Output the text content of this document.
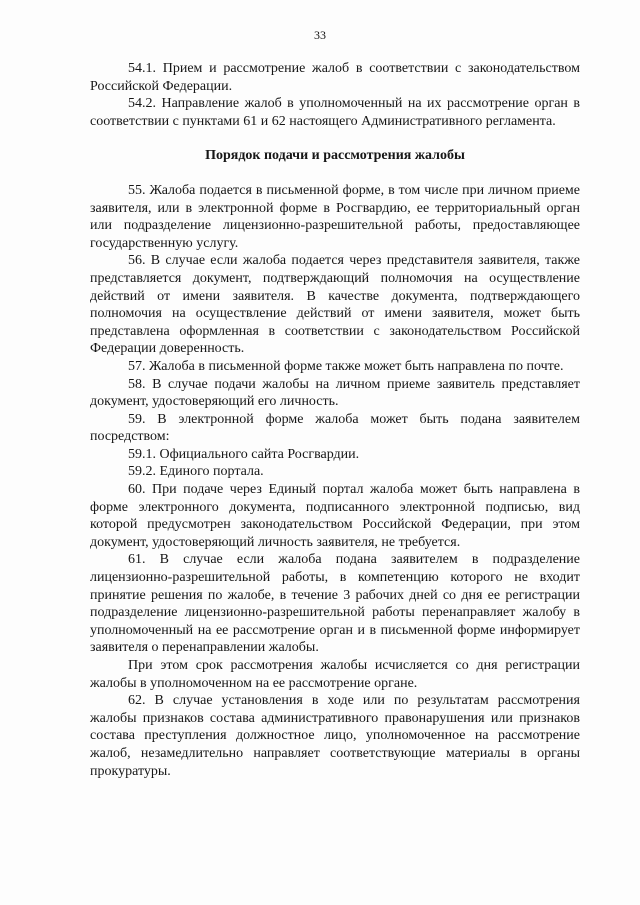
33

54.1. Прием и рассмотрение жалоб в соответствии с законодательством Российской Федерации.

54.2. Направление жалоб в уполномоченный на их рассмотрение орган в соответствии с пунктами 61 и 62 настоящего Административного регламента.

Порядок подачи и рассмотрения жалобы

55. Жалоба подается в письменной форме, в том числе при личном приеме заявителя, или в электронной форме в Росгвардию, ее территориальный орган или подразделение лицензионно-разрешительной работы, предоставляющее государственную услугу.

56. В случае если жалоба подается через представителя заявителя, также представляется документ, подтверждающий полномочия на осуществление действий от имени заявителя. В качестве документа, подтверждающего полномочия на осуществление действий от имени заявителя, может быть представлена оформленная в соответствии с законодательством Российской Федерации доверенность.

57. Жалоба в письменной форме также может быть направлена по почте.

58. В случае подачи жалобы на личном приеме заявитель представляет документ, удостоверяющий его личность.

59. В электронной форме жалоба может быть подана заявителем посредством:

59.1. Официального сайта Росгвардии.

59.2. Единого портала.

60. При подаче через Единый портал жалоба может быть направлена в форме электронного документа, подписанного электронной подписью, вид которой предусмотрен законодательством Российской Федерации, при этом документ, удостоверяющий личность заявителя, не требуется.

61. В случае если жалоба подана заявителем в подразделение лицензионно-разрешительной работы, в компетенцию которого не входит принятие решения по жалобе, в течение 3 рабочих дней со дня ее регистрации подразделение лицензионно-разрешительной работы перенаправляет жалобу в уполномоченный на ее рассмотрение орган и в письменной форме информирует заявителя о перенаправлении жалобы.

При этом срок рассмотрения жалобы исчисляется со дня регистрации жалобы в уполномоченном на ее рассмотрение органе.

62. В случае установления в ходе или по результатам рассмотрения жалобы признаков состава административного правонарушения или признаков состава преступления должностное лицо, уполномоченное на рассмотрение жалоб, незамедлительно направляет соответствующие материалы в органы прокуратуры.
